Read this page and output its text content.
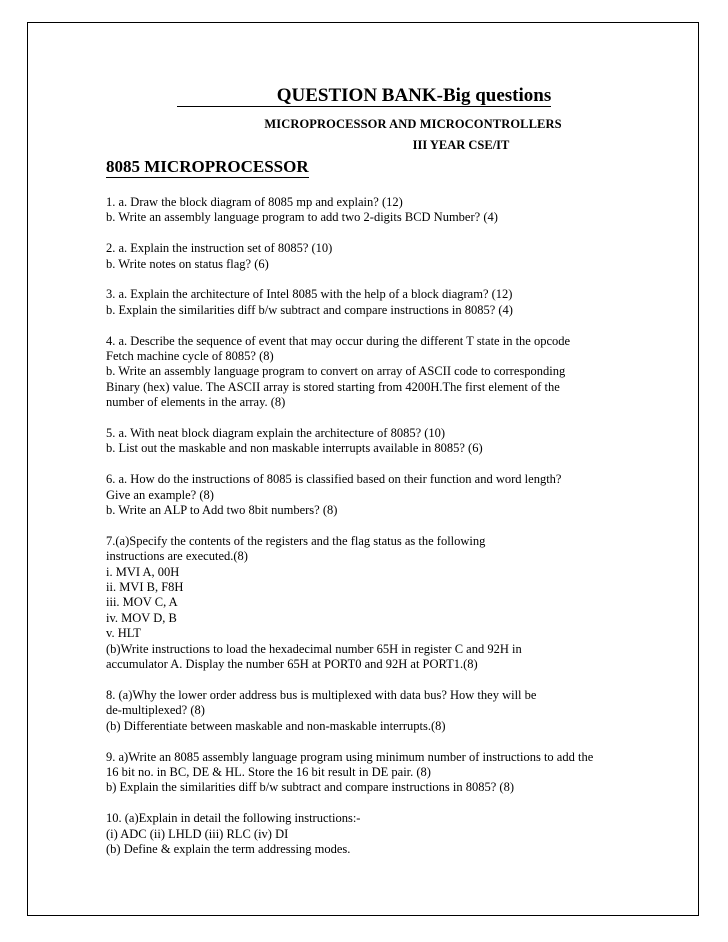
QUESTION BANK-Big questions
MICROPROCESSOR AND MICROCONTROLLERS
III YEAR CSE/IT
8085 MICROPROCESSOR
1. a. Draw the block diagram of 8085 mp and explain? (12)
b. Write an assembly language program to add two 2-digits BCD Number? (4)
2. a. Explain the instruction set of 8085? (10)
b. Write notes on status flag? (6)
3. a. Explain the architecture of Intel 8085 with the help of a block diagram? (12)
b. Explain the similarities diff b/w subtract and compare instructions in 8085? (4)
4. a. Describe the sequence of event that may occur during the different T state in the opcode
Fetch machine cycle of 8085? (8)
b. Write an assembly language program to convert on array of ASCII code to corresponding
Binary (hex) value. The ASCII array is stored starting from 4200H.The first element of the
number of elements in the array. (8)
5. a. With neat block diagram explain the architecture of 8085? (10)
b. List out the maskable and non maskable interrupts available in 8085? (6)
6. a. How do the instructions of 8085 is classified based on their function and word length?
Give an example? (8)
b. Write an ALP to Add two 8bit numbers? (8)
7.(a)Specify the contents of the registers and the flag status as the following
instructions are executed.(8)
i. MVI A, 00H
ii. MVI B, F8H
iii. MOV C, A
iv. MOV D, B
v. HLT
(b)Write instructions to load the hexadecimal number 65H in register C and 92H in
accumulator A. Display the number 65H at PORT0 and 92H at PORT1.(8)
8. (a)Why the lower order address bus is multiplexed with data bus? How they will be
de-multiplexed? (8)
(b) Differentiate between maskable and non-maskable interrupts.(8)
9. a)Write an 8085 assembly language program using minimum number of instructions to add the
16 bit no. in BC, DE & HL. Store the 16 bit result in DE pair. (8)
b) Explain the similarities diff b/w subtract and compare instructions in 8085? (8)
10. (a)Explain in detail the following instructions:-
(i) ADC (ii) LHLD (iii) RLC (iv) DI
(b) Define & explain the term addressing modes.
